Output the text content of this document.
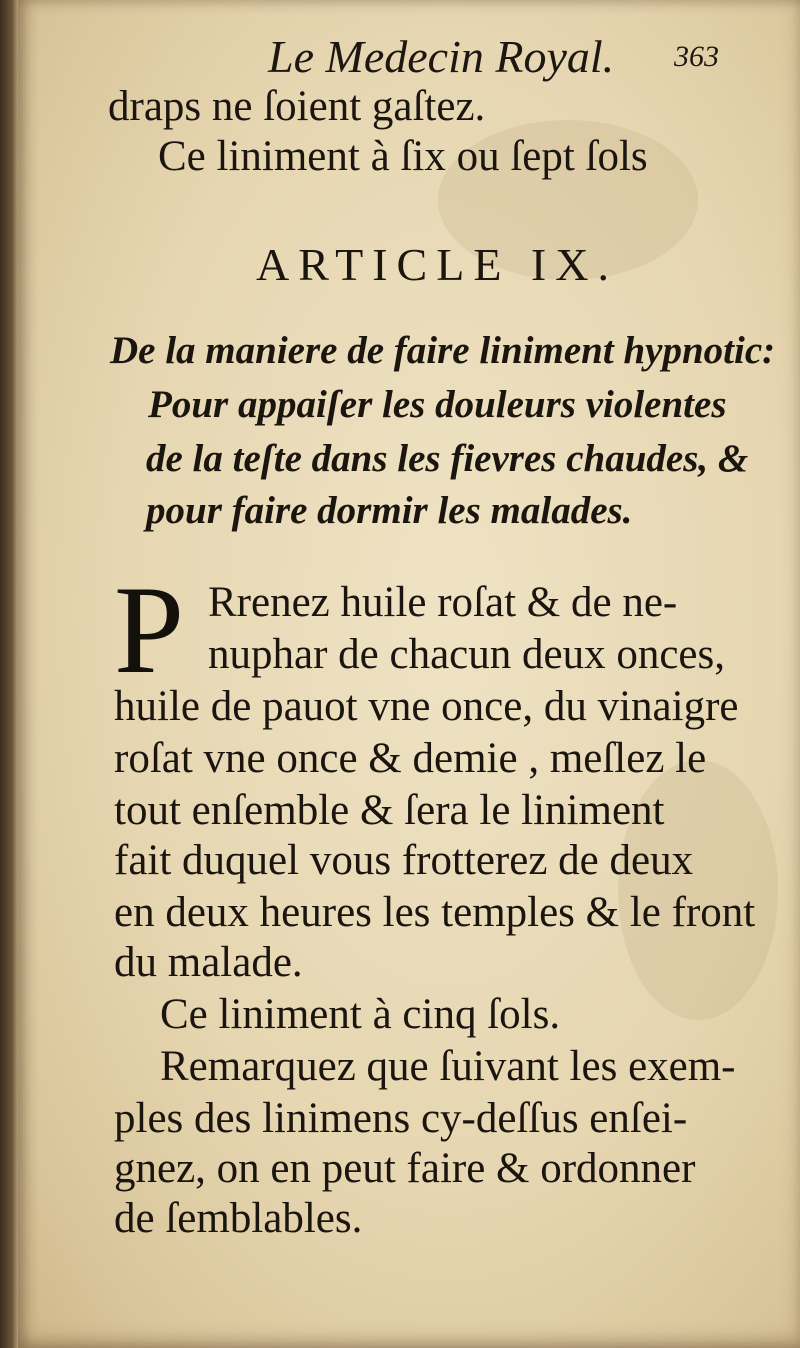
Le Medecin Royal. 363
draps ne ſoient gaſtez.
Ce liniment à ſix ou ſept ſols
ARTICLE IX.
De la maniere de faire liniment hypnotic:
Pour appaiſer les douleurs violentes
de la teſte dans les fievres chaudes, &
pour faire dormir les malades.
P Rrenez huile roſat & de ne-
nuphar de chacun deux onces,
huile de pauot vne once, du vinaigre
roſat vne once & demie , meſlez le
tout enſemble & ſera le liniment
fait duquel vous frotterez de deux
en deux heures les temples & le front
du malade.
Ce liniment à cinq ſols.
Remarquez que ſuivant les exem-
ples des linimens cy-deſſus enſei-
gnez, on en peut faire & ordonner
de ſemblables.
